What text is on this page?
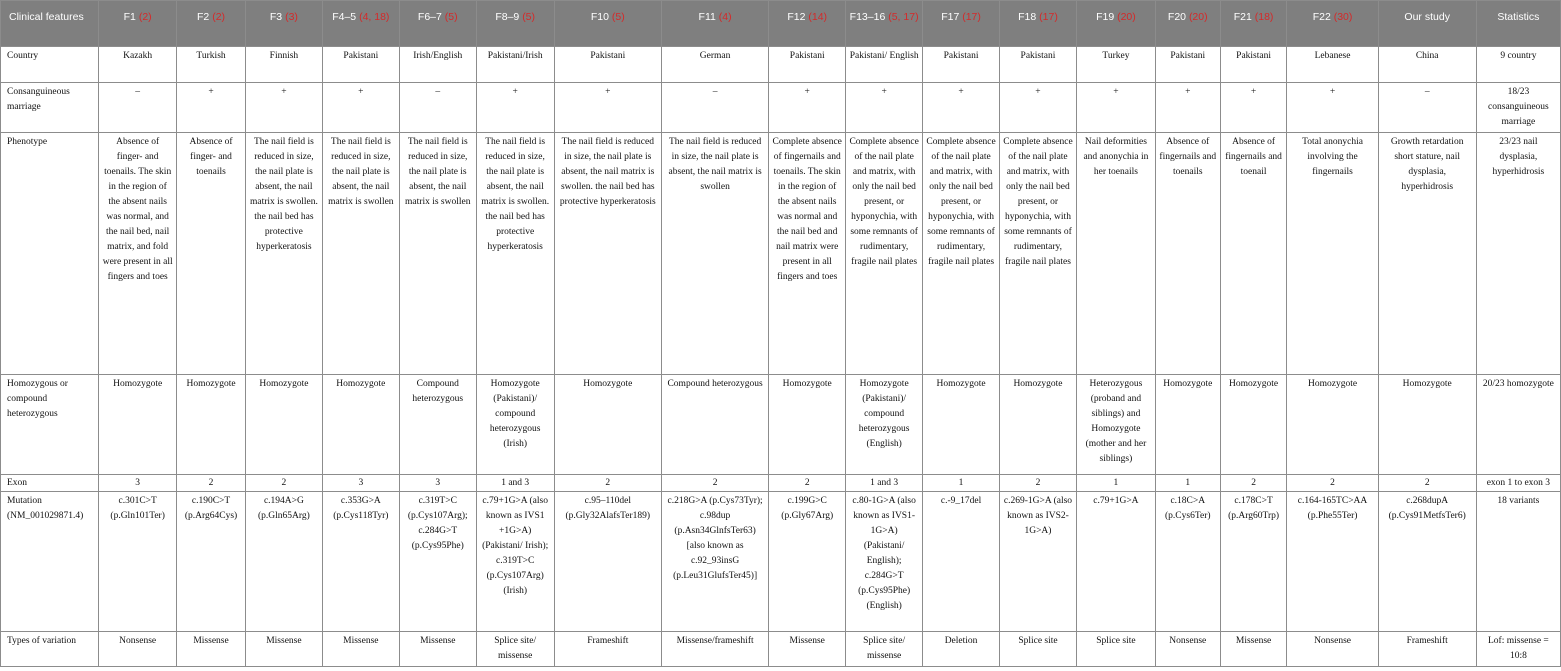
Clinical features	F1 (2)	F2 (2)	F3 (3)	F4–5 (4, 18)	F6–7 (5)	F8–9 (5)	F10 (5)	F11 (4)	F12 (14)	F13–16 (5, 17)	F17 (17)	F18 (17)	F19 (20)	F20 (20)	F21 (18)	F22 (30)	Our study	Statistics
Country	Kazakh	Turkish	Finnish	Pakistani	Irish/English	Pakistani/Irish	Pakistani	German	Pakistani	Pakistani/ English	Pakistani	Pakistani	Turkey	Pakistani	Pakistani	Lebanese	China	9 country
Consanguineous marriage	–	+	+	+	–	+	+	–	+	+	+	+	+	+	+	+	–	18/23 consanguineous marriage
Phenotype	Absence of finger- and toenails. The skin in the region of the absent nails was normal, and the nail bed, nail matrix, and fold were present in all fingers and toes	Absence of finger- and toenails	The nail field is reduced in size, the nail plate is absent, the nail matrix is swollen. the nail bed has protective hyperkeratosis	The nail field is reduced in size, the nail plate is absent, the nail matrix is swollen	The nail field is reduced in size, the nail plate is absent, the nail matrix is swollen	The nail field is reduced in size, the nail plate is absent, the nail matrix is swollen. the nail bed has protective hyperkeratosis	The nail field is reduced in size, the nail plate is absent, the nail matrix is swollen. the nail bed has protective hyperkeratosis	The nail field is reduced in size, the nail plate is absent, the nail matrix is swollen	Complete absence of fingernails and toenails. The skin in the region of the absent nails was normal and the nail bed and nail matrix were present in all fingers and toes	Complete absence of the nail plate and matrix, with only the nail bed present, or hyponychia, with some remnants of rudimentary, fragile nail plates	Complete absence of the nail plate and matrix, with only the nail bed present, or hyponychia, with some remnants of rudimentary, fragile nail plates	Complete absence of the nail plate and matrix, with only the nail bed present, or hyponychia, with some remnants of rudimentary, fragile nail plates	Nail deformities and anonychia in her toenails	Absence of fingernails and toenails	Absence of fingernails and toenail	Total anonychia involving the fingernails	Growth retardation short stature, nail dysplasia, hyperhidrosis	23/23 nail dysplasia, hyperhidrosis
Homozygous or compound heterozygous	Homozygote	Homozygote	Homozygote	Homozygote	Compound heterozygous	Homozygote (Pakistani)/ compound heterozygous (Irish)	Homozygote	Compound heterozygous	Homozygote	Homozygote (Pakistani)/ compound heterozygous (English)	Homozygote	Homozygote	Heterozygous (proband and siblings) and Homozygote (mother and her siblings)	Homozygote	Homozygote	Homozygote	Homozygote	20/23 homozygote
Exon	3	2	2	3	3	1 and 3	2	2	2	1 and 3	1	2	1	1	2	2	2	exon 1 to exon 3
Mutation (NM_001029871.4)	c.301C>T (p.Gln101Ter)	c.190C>T (p.Arg64Cys)	c.194A>G (p.Gln65Arg)	c.353G>A (p.Cys118Tyr)	c.319T>C (p.Cys107Arg); c.284G>T (p.Cys95Phe)	c.79+1G>A (also known as IVS1 +1G>A) (Pakistani/ Irish); c.319T>C (p.Cys107Arg) (Irish)	c.95–110del (p.Gly32AlafsTer189)	c.218G>A (p.Cys73Tyr); c.98dup (p.Asn34GlnfsTer63) [also known as c.92_93insG (p.Leu31GlufsTer45)]	c.199G>C (p.Gly67Arg)	c.80-1G>A (also known as IVS1-1G>A) (Pakistani/ English); c.284G>T (p.Cys95Phe) (English)	c.-9_17del	c.269-1G>A (also known as IVS2-1G>A)	c.79+1G>A	c.18C>A (p.Cys6Ter)	c.178C>T (p.Arg60Trp)	c.164-165TC>AA (p.Phe55Ter)	c.268dupA (p.Cys91MetfsTer6)	18 variants
Types of variation	Nonsense	Missense	Missense	Missense	Missense	Splice site/ missense	Frameshift	Missense/frameshift	Missense	Splice site/ missense	Deletion	Splice site	Splice site	Nonsense	Missense	Nonsense	Frameshift	Lof: missense = 10:8
